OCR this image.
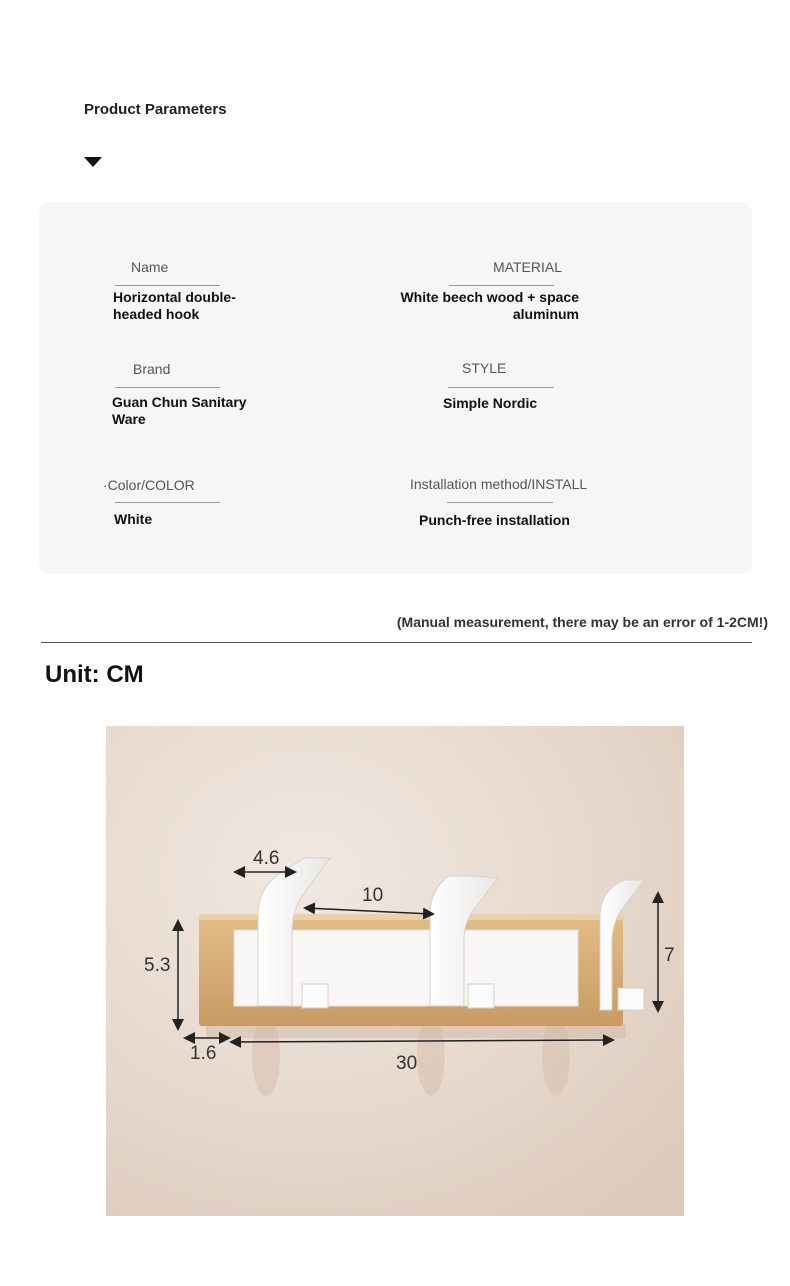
Product Parameters
Name
Horizontal double-headed hook
MATERIAL
White beech wood + space aluminum
Brand
Guan Chun Sanitary Ware
STYLE
Simple Nordic
·Color/COLOR
White
Installation method/INSTALL
Punch-free installation
(Manual measurement, there may be an error of 1-2CM!)
Unit: CM
4.6
10
5.3	7
1.6	30
